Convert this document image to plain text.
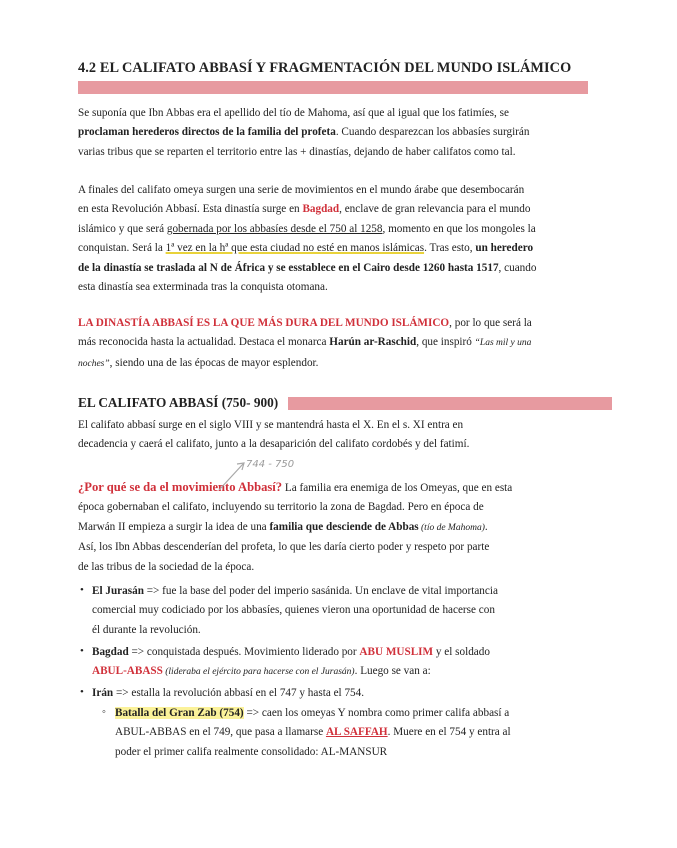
4.2 EL CALIFATO ABBASÍ Y FRAGMENTACIÓN DEL MUNDO ISLÁMICO
Se suponía que Ibn Abbas era el apellido del tío de Mahoma, así que al igual que los fatimíes, se
proclaman herederos directos de la familia del profeta. Cuando desparezcan los abbasíes surgirán
varias tribus que se reparten el territorio entre las + dinastías, dejando de haber califatos como tal.
A finales del califato omeya surgen una serie de movimientos en el mundo árabe que desembocarán
en esta Revolución Abbasí. Esta dinastía surge en Bagdad, enclave de gran relevancia para el mundo
islámico y que será gobernada por los abbasíes desde el 750 al 1258, momento en que los mongoles la
conquistan. Será la 1ª vez en la hª que esta ciudad no esté en manos islámicas. Tras esto, un heredero
de la dinastía se traslada al N de África y se esstablece en el Cairo desde 1260 hasta 1517, cuando
esta dinastía sea exterminada tras la conquista otomana.
LA DINASTÍA ABBASÍ ES LA QUE MÁS DURA DEL MUNDO ISLÁMICO, por lo que será la
más reconocida hasta la actualidad. Destaca el monarca Harún ar-Raschid, que inspiró “Las mil y una
noches”, siendo una de las épocas de mayor esplendor.
EL CALIFATO ABBASÍ (750- 900)
El califato abbasí surge en el siglo VIII y se mantendrá hasta el X. En el s. XI entra en
decadencia y caerá el califato, junto a la desaparición del califato cordobés y del fatimí.
744 - 750
¿Por qué se da el movimiento Abbasí? La familia era enemiga de los Omeyas, que en esta
época gobernaban el califato, incluyendo su territorio la zona de Bagdad. Pero en época de
Marwán II empieza a surgir la idea de una familia que desciende de Abbas (tío de Mahoma).
Así, los Ibn Abbas descenderían del profeta, lo que les daría cierto poder y respeto por parte
de las tribus de la sociedad de la época.
• El Jurasán => fue la base del poder del imperio sasánida. Un enclave de vital importancia
comercial muy codiciado por los abbasíes, quienes vieron una oportunidad de hacerse con
él durante la revolución.
• Bagdad => conquistada después. Movimiento liderado por ABU MUSLIM y el soldado
ABUL-ABASS (lideraba el ejército para hacerse con el Jurasán). Luego se van a:
• Irán => estalla la revolución abbasí en el 747 y hasta el 754.
◦ Batalla del Gran Zab (754) => caen los omeyas Y nombra como primer califa abbasí a
ABUL-ABBAS en el 749, que pasa a llamarse AL SAFFAH. Muere en el 754 y entra al
poder el primer califa realmente consolidado: AL-MANSUR
